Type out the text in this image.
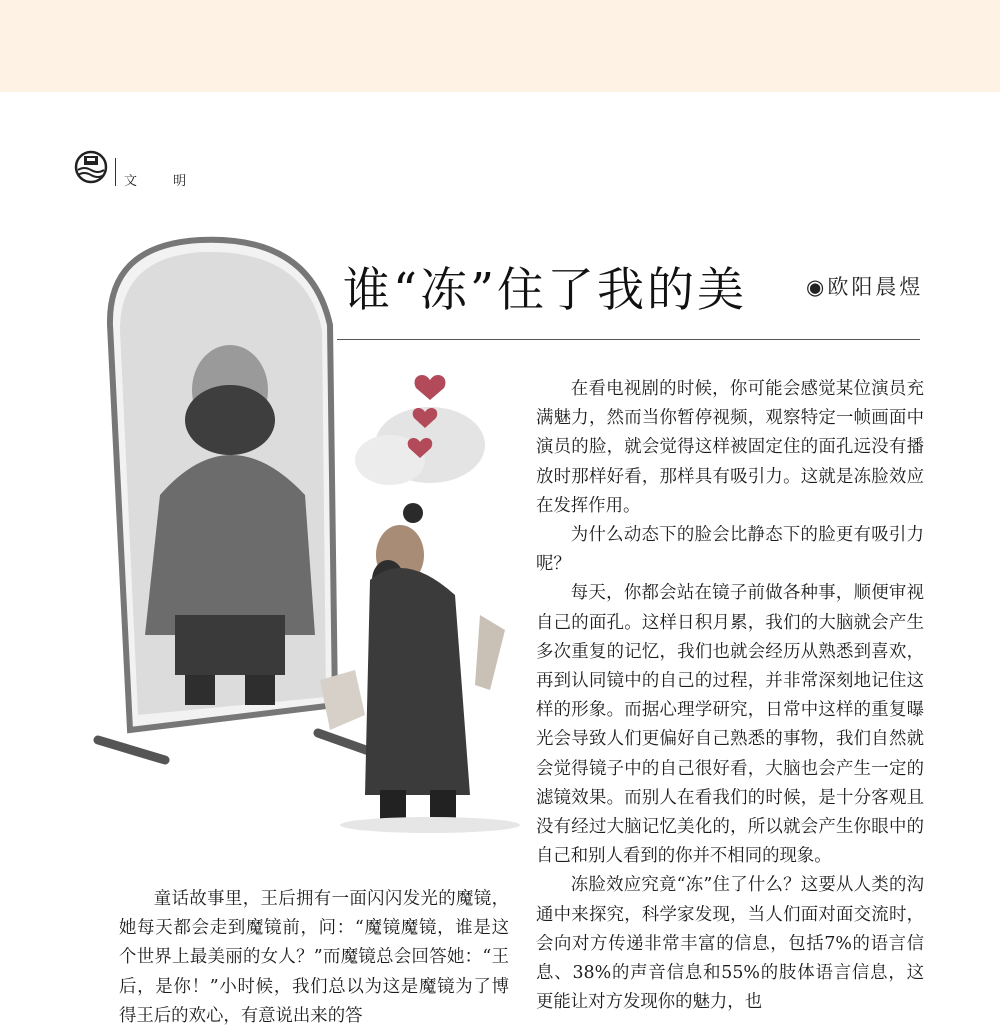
文 明
谁“冻”住了我的美	◉欧阳晨煜

在看电视剧的时候，你可能会感觉某位演员充满魅力，然而当你暂停视频，观察特定一帧画面中演员的脸，就会觉得这样被固定住的面孔远没有播放时那样好看，那样具有吸引力。这就是冻脸效应在发挥作用。

为什么动态下的脸会比静态下的脸更有吸引力呢？

每天，你都会站在镜子前做各种事，顺便审视自己的面孔。这样日积月累，我们的大脑就会产生多次重复的记忆，我们也就会经历从熟悉到喜欢，再到认同镜中的自己的过程，并非常深刻地记住这样的形象。而据心理学研究，日常中这样的重复曝光会导致人们更偏好自己熟悉的事物，我们自然就会觉得镜子中的自己很好看，大脑也会产生一定的滤镜效果。而别人在看我们的时候，是十分客观且没有经过大脑记忆美化的，所以就会产生你眼中的自己和别人看到的你并不相同的现象。

冻脸效应究竟“冻”住了什么？这要从人类的沟通中来探究，科学家发现，当人们面对面交流时，会向对方传递非常丰富的信息，包括7%的语言信息、38%的声音信息和55%的肢体语言信息，这更能让对方发现你的魅力，也

童话故事里，王后拥有一面闪闪发光的魔镜，她每天都会走到魔镜前，问：“魔镜魔镜，谁是这个世界上最美丽的女人？”而魔镜总会回答她：“王后，是你！”小时候，我们总以为这是魔镜为了博得王后的欢心，有意说出来的答
